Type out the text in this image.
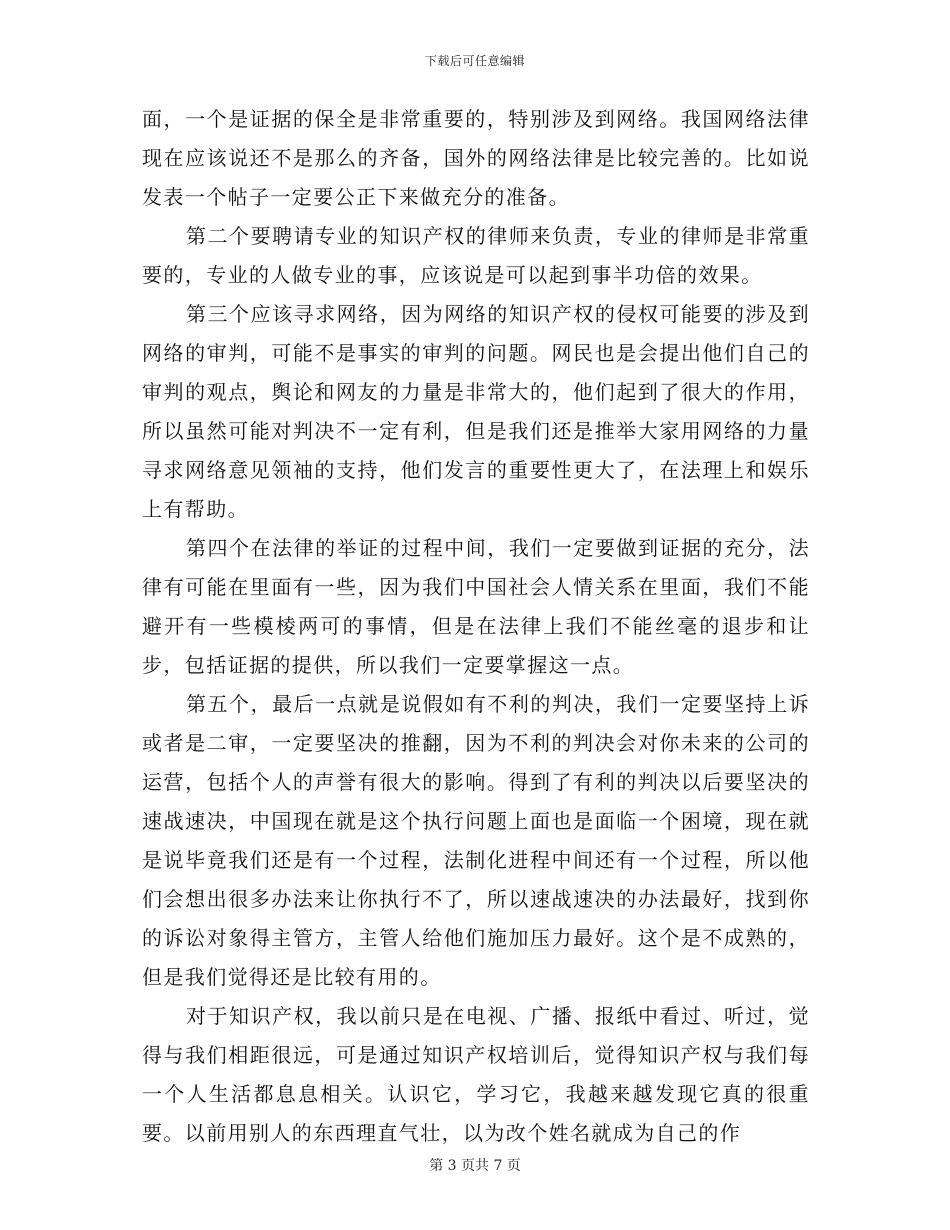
下载后可任意编辑

面，一个是证据的保全是非常重要的，特别涉及到网络。我国网络法律现在应该说还不是那么的齐备，国外的网络法律是比较完善的。比如说发表一个帖子一定要公正下来做充分的准备。

第二个要聘请专业的知识产权的律师来负责，专业的律师是非常重要的，专业的人做专业的事，应该说是可以起到事半功倍的效果。

第三个应该寻求网络，因为网络的知识产权的侵权可能要的涉及到网络的审判，可能不是事实的审判的问题。网民也是会提出他们自己的审判的观点，舆论和网友的力量是非常大的，他们起到了很大的作用，所以虽然可能对判决不一定有利，但是我们还是推举大家用网络的力量寻求网络意见领袖的支持，他们发言的重要性更大了，在法理上和娱乐上有帮助。

第四个在法律的举证的过程中间，我们一定要做到证据的充分，法律有可能在里面有一些，因为我们中国社会人情关系在里面，我们不能避开有一些模棱两可的事情，但是在法律上我们不能丝毫的退步和让步，包括证据的提供，所以我们一定要掌握这一点。

第五个，最后一点就是说假如有不利的判决，我们一定要坚持上诉或者是二审，一定要坚决的推翻，因为不利的判决会对你未来的公司的运营，包括个人的声誉有很大的影响。得到了有利的判决以后要坚决的速战速决，中国现在就是这个执行问题上面也是面临一个困境，现在就是说毕竟我们还是有一个过程，法制化进程中间还有一个过程，所以他们会想出很多办法来让你执行不了，所以速战速决的办法最好，找到你的诉讼对象得主管方，主管人给他们施加压力最好。这个是不成熟的，但是我们觉得还是比较有用的。

对于知识产权，我以前只是在电视、广播、报纸中看过、听过，觉得与我们相距很远，可是通过知识产权培训后，觉得知识产权与我们每一个人生活都息息相关。认识它，学习它，我越来越发现它真的很重要。以前用别人的东西理直气壮，以为改个姓名就成为自己的作

第 3 页共 7 页
